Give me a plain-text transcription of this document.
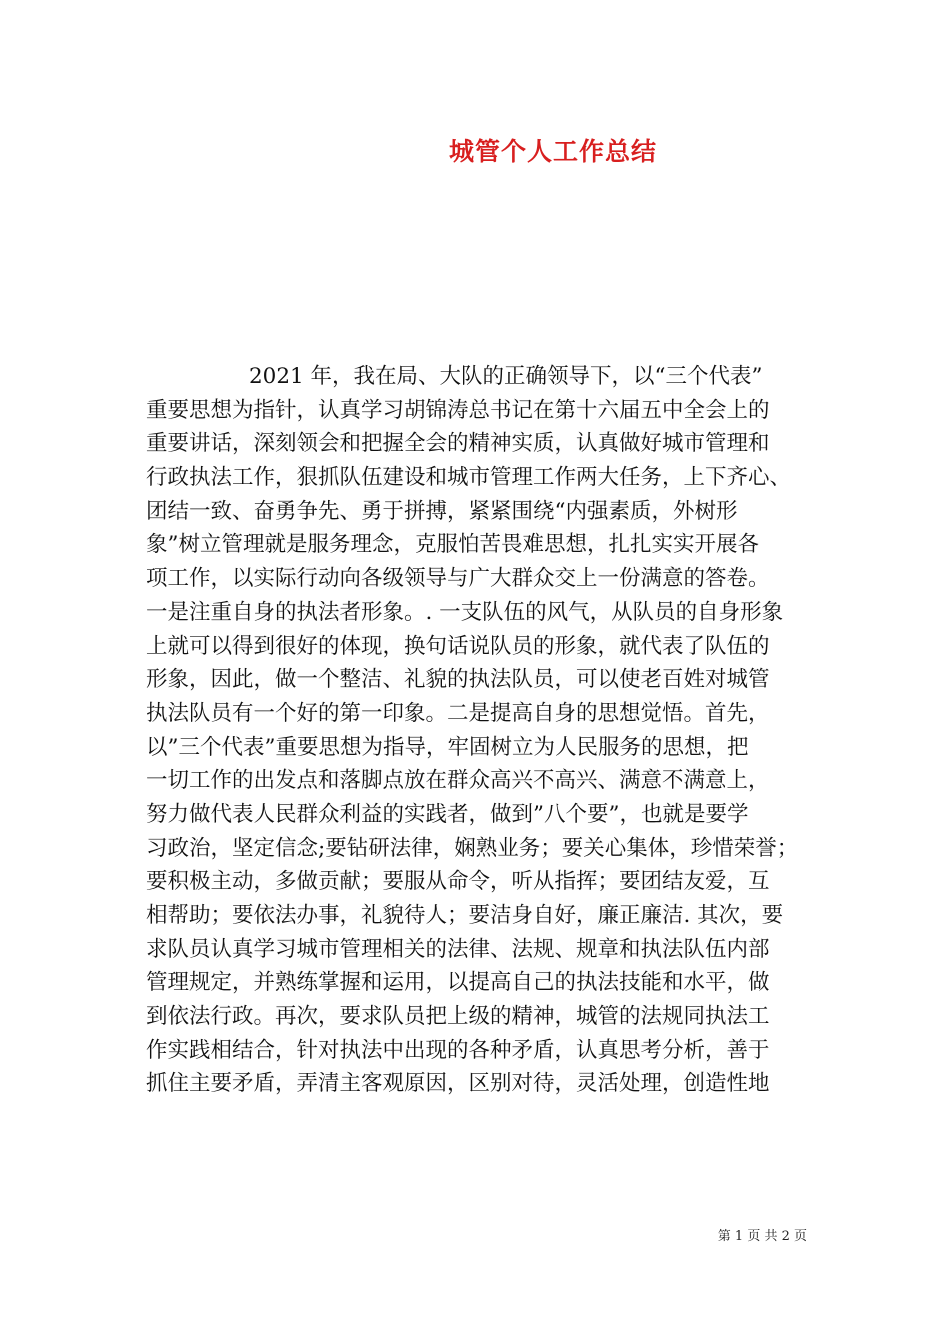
城管个人工作总结
2021 年，我在局、大队的正确领导下，以“三个代表”
重要思想为指针，认真学习胡锦涛总书记在第十六届五中全会上的
重要讲话，深刻领会和把握全会的精神实质，认真做好城市管理和
行政执法工作，狠抓队伍建设和城市管理工作两大任务，上下齐心、
团结一致、奋勇争先、勇于拼搏，紧紧围绕“内强素质，外树形
象”树立管理就是服务理念，克服怕苦畏难思想，扎扎实实开展各
项工作，以实际行动向各级领导与广大群众交上一份满意的答卷。
一是注重自身的执法者形象。. 一支队伍的风气，从队员的自身形象
上就可以得到很好的体现，换句话说队员的形象，就代表了队伍的
形象，因此，做一个整洁、礼貌的执法队员，可以使老百姓对城管
执法队员有一个好的第一印象。二是提高自身的思想觉悟。首先，
以”三个代表”重要思想为指导，牢固树立为人民服务的思想，把
一切工作的出发点和落脚点放在群众高兴不高兴、满意不满意上，
努力做代表人民群众利益的实践者，做到”八个要”，也就是要学
习政治，坚定信念;要钻研法律，娴熟业务；要关心集体，珍惜荣誉；
要积极主动，多做贡献；要服从命令，听从指挥；要团结友爱，互
相帮助；要依法办事，礼貌待人；要洁身自好，廉正廉洁. 其次，要
求队员认真学习城市管理相关的法律、法规、规章和执法队伍内部
管理规定，并熟练掌握和运用，以提高自己的执法技能和水平，做
到依法行政。再次，要求队员把上级的精神，城管的法规同执法工
作实践相结合，针对执法中出现的各种矛盾，认真思考分析，善于
抓住主要矛盾，弄清主客观原因，区别对待，灵活处理，创造性地
第 1 页 共 2 页
